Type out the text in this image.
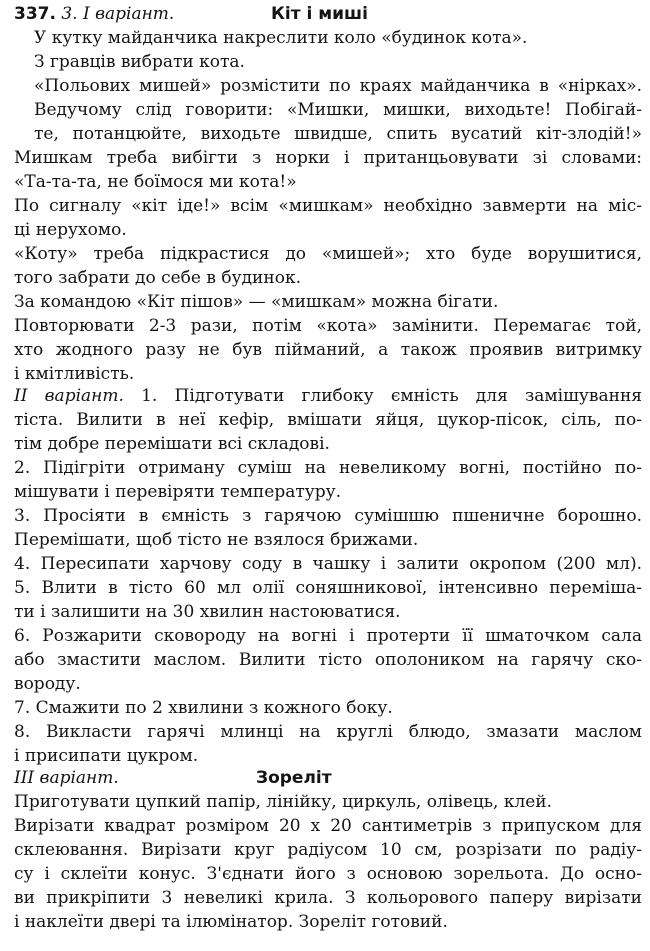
337. 3. I варіант.	Кіт і миші
У кутку майданчика накреслити коло «будинок кота».
З гравців вибрати кота.
«Польових мишей» розмістити по краях майданчика в «нірках».
Ведучому слід говорити: «Мишки, мишки, виходьте! Побігай-
те, потанцюйте, виходьте швидше, спить вусатий кіт-злодій!»
Мишкам треба вибігти з норки і пританцьовувати зі словами:
«Та-та-та, не боїмося ми кота!»
По сигналу «кіт іде!» всім «мишкам» необхідно завмерти на міс-
ці нерухомо.
«Коту» треба підкрастися до «мишей»; хто буде ворушитися,
того забрати до себе в будинок.
За командою «Кіт пішов» — «мишкам» можна бігати.
Повторювати 2-3 рази, потім «кота» замінити. Перемагає той,
хто жодного разу не був пійманий, а також проявив витримку
і кмітливість.
II варіант. 1. Підготувати глибоку ємність для замішування
тіста. Вилити в неї кефір, вмішати яйця, цукор-пісок, сіль, по-
тім добре перемішати всі складові.
2. Підігріти отриману суміш на невеликому вогні, постійно по-
мішувати і перевіряти температуру.
3. Просіяти в ємність з гарячою сумішшю пшеничне борошно.
Перемішати, щоб тісто не взялося брижами.
4. Пересипати харчову соду в чашку і залити окропом (200 мл).
5. Влити в тісто 60 мл олії соняшникової, інтенсивно переміша-
ти і залишити на 30 хвилин настоюватися.
6. Розжарити сковороду на вогні і протерти її шматочком сала
або змастити маслом. Вилити тісто ополоником на гарячу ско-
вороду.
7. Смажити по 2 хвилини з кожного боку.
8. Викласти гарячі млинці на круглі блюдо, змазати маслом
і присипати цукром.
III варіант.	Зореліт
Приготувати цупкий папір, лінійку, циркуль, олівець, клей.
Вирізати квадрат розміром 20 х 20 сантиметрів з припуском для
склеювання. Вирізати круг радіусом 10 см, розрізати по радіу-
су і склеїти конус. З'єднати його з основою зорельота. До осно-
ви прикріпити 3 невеликі крила. З кольорового паперу вирізати
і наклеїти двері та ілюмінатор. Зореліт готовий.
